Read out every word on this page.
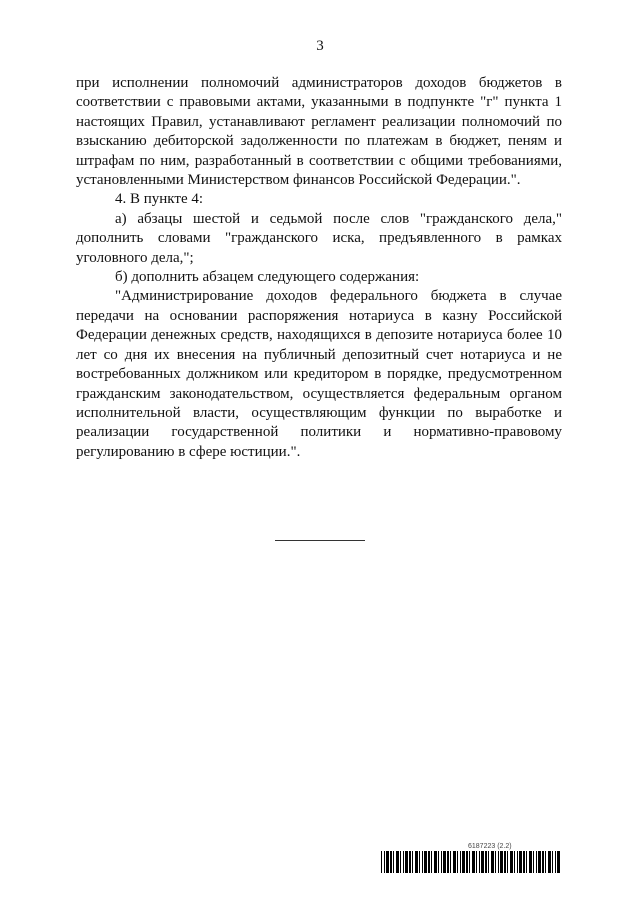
3

при исполнении полномочий администраторов доходов бюджетов в соответствии с правовыми актами, указанными в подпункте "г" пункта 1 настоящих Правил, устанавливают регламент реализации полномочий по взысканию дебиторской задолженности по платежам в бюджет, пеням и штрафам по ним, разработанный в соответствии с общими требованиями, установленными Министерством финансов Российской Федерации.".

4. В пункте 4:

а) абзацы шестой и седьмой после слов "гражданского дела," дополнить словами "гражданского иска, предъявленного в рамках уголовного дела,";

б) дополнить абзацем следующего содержания:

"Администрирование доходов федерального бюджета в случае передачи на основании распоряжения нотариуса в казну Российской Федерации денежных средств, находящихся в депозите нотариуса более 10 лет со дня их внесения на публичный депозитный счет нотариуса и не востребованных должником или кредитором в порядке, предусмотренном гражданским законодательством, осуществляется федеральным органом исполнительной власти, осуществляющим функции по выработке и реализации государственной политики и нормативно-правовому регулированию в сфере юстиции.".

6187223 (2.2)
